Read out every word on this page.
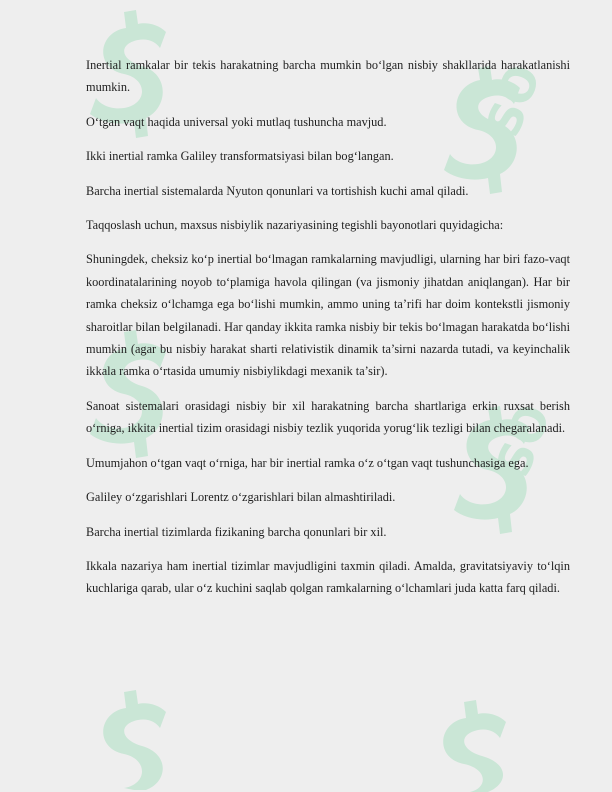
SO
SO

Inertial ramkalar bir tekis harakatning barcha mumkin bo‘lgan nisbiy shakllarida harakatlanishi mumkin.

O‘tgan vaqt haqida universal yoki mutlaq tushuncha mavjud.

Ikki inertial ramka Galiley transformatsiyasi bilan bog‘langan.

Barcha inertial sistemalarda Nyuton qonunlari va tortishish kuchi amal qiladi.

Taqqoslash uchun, maxsus nisbiylik nazariyasining tegishli bayonotlari quyidagicha:

Shuningdek, cheksiz ko‘p inertial bo‘lmagan ramkalarning mavjudligi, ularning har biri fazo-vaqt koordinatalarining noyob to‘plamiga havola qilingan (va jismoniy jihatdan aniqlangan). Har bir ramka cheksiz o‘lchamga ega bo‘lishi mumkin, ammo uning ta’rifi har doim kontekstli jismoniy sharoitlar bilan belgilanadi. Har qanday ikkita ramka nisbiy bir tekis bo‘lmagan harakatda bo‘lishi mumkin (agar bu nisbiy harakat sharti relativistik dinamik ta’sirni nazarda tutadi, va keyinchalik ikkala ramka o‘rtasida umumiy nisbiylikdagi mexanik ta’sir).

Sanoat sistemalari orasidagi nisbiy bir xil harakatning barcha shartlariga erkin ruxsat berish o‘rniga, ikkita inertial tizim orasidagi nisbiy tezlik yuqorida yorug‘lik tezligi bilan chegaralanadi.

Umumjahon o‘tgan vaqt o‘rniga, har bir inertial ramka o‘z o‘tgan vaqt tushunchasiga ega.

Galiley o‘zgarishlari Lorentz o‘zgarishlari bilan almashtiriladi.

Barcha inertial tizimlarda fizikaning barcha qonunlari bir xil.

Ikkala nazariya ham inertial tizimlar mavjudligini taxmin qiladi. Amalda, gravitatsiyaviy to‘lqin kuchlariga qarab, ular o‘z kuchini saqlab qolgan ramkalarning o‘lchamlari juda katta farq qiladi.
